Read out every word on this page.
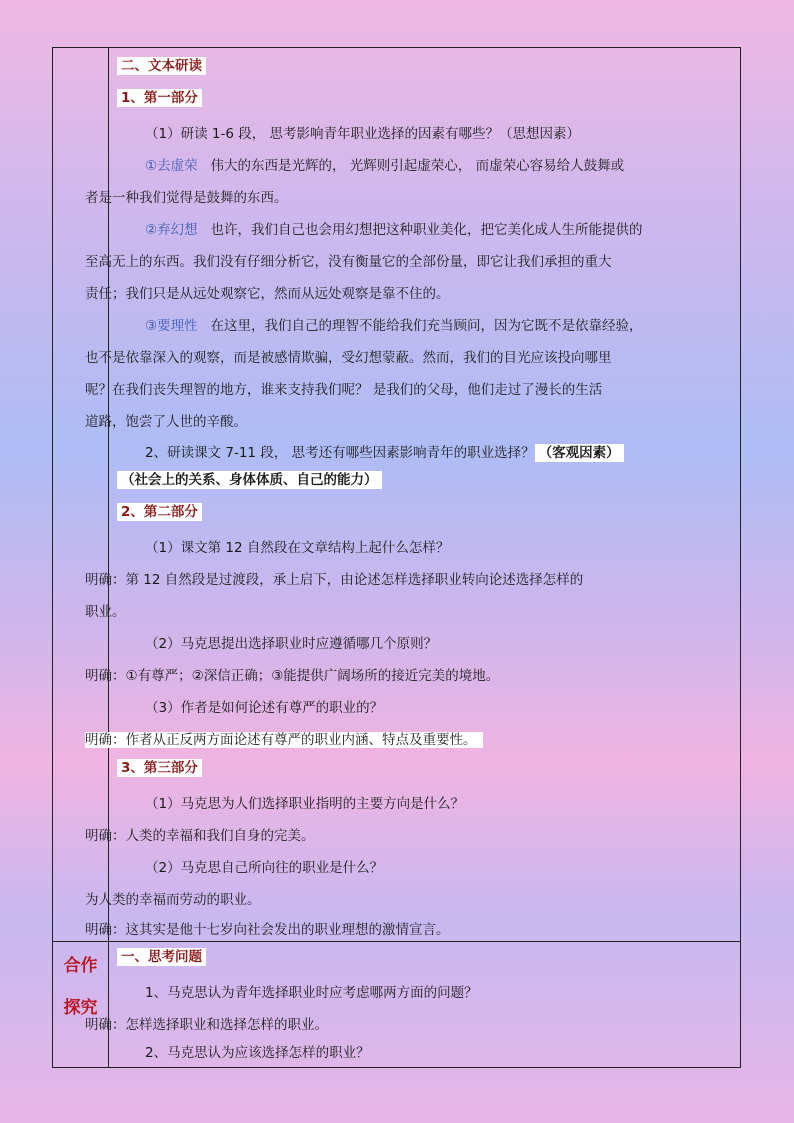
合作
探究
二、文本研读
1、第一部分
（1）研读 1-6 段， 思考影响青年职业选择的因素有哪些？（思想因素）
①去虚荣 伟大的东西是光辉的， 光辉则引起虚荣心， 而虚荣心容易给人鼓舞或
者是一种我们觉得是鼓舞的东西。
②弃幻想 也许，我们自己也会用幻想把这种职业美化，把它美化成人生所能提供的
至高无上的东西。我们没有仔细分析它，没有衡量它的全部份量，即它让我们承担的重大
责任；我们只是从远处观察它，然而从远处观察是靠不住的。
③要理性 在这里，我们自己的理智不能给我们充当顾问，因为它既不是依靠经验，
也不是依靠深入的观察，而是被感情欺骗，受幻想蒙蔽。然而，我们的目光应该投向哪里
呢？在我们丧失理智的地方，谁来支持我们呢？ 是我们的父母，他们走过了漫长的生活
道路，饱尝了人世的辛酸。
2、研读课文 7-11 段， 思考还有哪些因素影响青年的职业选择？ （客观因素）
（社会上的关系、身体体质、自己的能力）
2、第二部分
（1）课文第 12 自然段在文章结构上起什么怎样？
明确：第 12 自然段是过渡段，承上启下，由论述怎样选择职业转向论述选择怎样的
职业。
（2）马克思提出选择职业时应遵循哪几个原则？
明确：①有尊严；②深信正确；③能提供广阔场所的接近完美的境地。
（3）作者是如何论述有尊严的职业的？
明确：作者从正反两方面论述有尊严的职业内涵、特点及重要性。
3、第三部分
（1）马克思为人们选择职业指明的主要方向是什么？
明确：人类的幸福和我们自身的完美。
（2）马克思自己所向往的职业是什么？
为人类的幸福而劳动的职业。
明确：这其实是他十七岁向社会发出的职业理想的激情宣言。
一、思考问题
1、马克思认为青年选择职业时应考虑哪两方面的问题？
明确：怎样选择职业和选择怎样的职业。
2、马克思认为应该选择怎样的职业？
